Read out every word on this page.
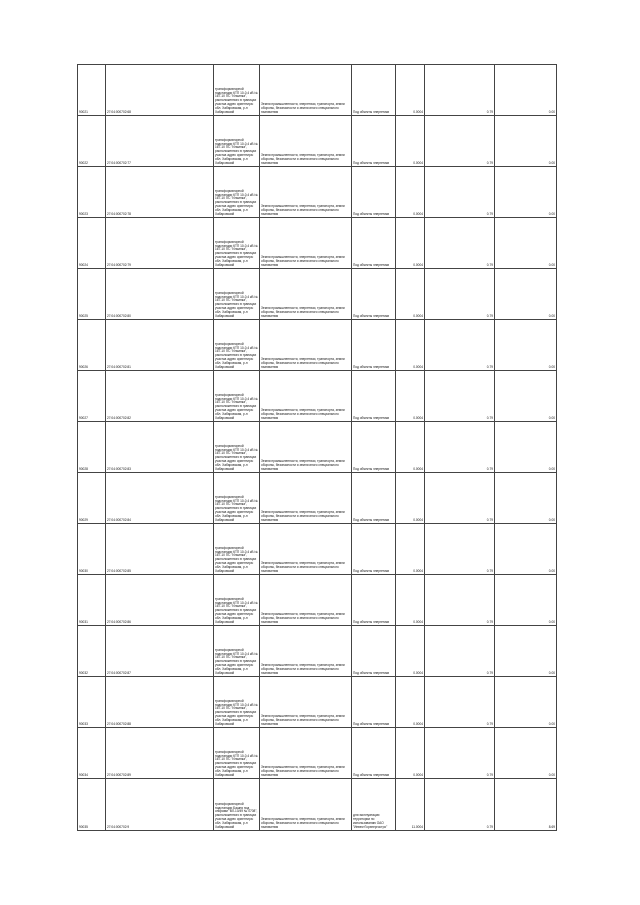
90021	27:04:000702:68	трансформаторной подстанции КТП 10-0,4 кВ № 167-10 ПС "Ильинка", расположенного в границах участка адрес ориентира: обл. Хабаровская, р-н Хабаровский	Земли промышленности, энергетики, транспорта, земли обороны, безопасности и земли иного специального назначения	Под объекты энергетики	0.0004	0.79	0.00
90022	27:04:000702:77	трансформаторной подстанции КТП 10-0,4 кВ № 167-10 ПС "Ильинка", расположенного в границах участка адрес ориентира: обл. Хабаровская, р-н Хабаровский	Земли промышленности, энергетики, транспорта, земли обороны, безопасности и земли иного специального назначения	Под объекты энергетики	0.0004	0.79	0.00
90023	27:04:000702:78	трансформаторной подстанции КТП 10-0,4 кВ № 167-10 ПС "Ильинка", расположенного в границах участка адрес ориентира: обл. Хабаровская, р-н Хабаровский	Земли промышленности, энергетики, транспорта, земли обороны, безопасности и земли иного специального назначения	Под объекты энергетики	0.0004	0.79	0.00
90024	27:04:000702:79	трансформаторной подстанции КТП 10-0,4 кВ № 167-10 ПС "Ильинка", расположенного в границах участка адрес ориентира: обл. Хабаровская, р-н Хабаровский	Земли промышленности, энергетики, транспорта, земли обороны, безопасности и земли иного специального назначения	Под объекты энергетики	0.0004	0.79	0.00
90025	27:04:000702:80	трансформаторной подстанции КТП 10-0,4 кВ № 167-10 ПС "Ильинка", расположенного в границах участка адрес ориентира: обл. Хабаровская, р-н Хабаровский	Земли промышленности, энергетики, транспорта, земли обороны, безопасности и земли иного специального назначения	Под объекты энергетики	0.0004	0.79	0.00
90026	27:04:000702:81	трансформаторной подстанции КТП 10-0,4 кВ № 167-10 ПС "Ильинка", расположенного в границах участка адрес ориентира: обл. Хабаровская, р-н Хабаровский	Земли промышленности, энергетики, транспорта, земли обороны, безопасности и земли иного специального назначения	Под объекты энергетики	0.0004	0.79	0.00
90027	27:04:000702:82	трансформаторной подстанции КТП 10-0,4 кВ № 167-10 ПС "Ильинка", расположенного в границах участка адрес ориентира: обл. Хабаровская, р-н Хабаровский	Земли промышленности, энергетики, транспорта, земли обороны, безопасности и земли иного специального назначения	Под объекты энергетики	0.0004	0.79	0.00
90028	27:04:000702:83	трансформаторной подстанции КТП 10-0,4 кВ № 167-10 ПС "Ильинка", расположенного в границах участка адрес ориентира: обл. Хабаровская, р-н Хабаровский	Земли промышленности, энергетики, транспорта, земли обороны, безопасности и земли иного специального назначения	Под объекты энергетики	0.0004	0.79	0.00
90029	27:04:000702:84	трансформаторной подстанции КТП 10-0,4 кВ № 167-10 ПС "Ильинка", расположенного в границах участка адрес ориентира: обл. Хабаровская, р-н Хабаровский	Земли промышленности, энергетики, транспорта, земли обороны, безопасности и земли иного специального назначения	Под объекты энергетики	0.0004	0.79	0.00
90030	27:04:000702:85	трансформаторной подстанции КТП 10-0,4 кВ № 167-10 ПС "Ильинка", расположенного в границах участка адрес ориентира: обл. Хабаровская, р-н Хабаровский	Земли промышленности, энергетики, транспорта, земли обороны, безопасности и земли иного специального назначения	Под объекты энергетики	0.0004	0.79	0.00
90031	27:04:000702:86	трансформаторной подстанции КТП 10-0,4 кВ № 167-10 ПС "Ильинка", расположенного в границах участка адрес ориентира: обл. Хабаровская, р-н Хабаровский	Земли промышленности, энергетики, транспорта, земли обороны, безопасности и земли иного специального назначения	Под объекты энергетики	0.0004	0.79	0.00
90032	27:04:000702:87	трансформаторной подстанции КТП 10-0,4 кВ № 167-10 ПС "Ильинка", расположенного в границах участка адрес ориентира: обл. Хабаровская, р-н Хабаровский	Земли промышленности, энергетики, транспорта, земли обороны, безопасности и земли иного специального назначения	Под объекты энергетики	0.0004	0.79	0.00
90033	27:04:000702:88	трансформаторной подстанции КТП 10-0,4 кВ № 167-10 ПС "Ильинка", расположенного в границах участка адрес ориентира: обл. Хабаровская, р-н Хабаровский	Земли промышленности, энергетики, транспорта, земли обороны, безопасности и земли иного специального назначения	Под объекты энергетики	0.0004	0.79	0.00
90034	27:04:000702:89	трансформаторной подстанции КТП 10-0,4 кВ № 167-10 ПС "Ильинка", расположенного в границах участка адрес ориентира: обл. Хабаровская, р-н Хабаровский	Земли промышленности, энергетики, транспорта, земли обороны, безопасности и земли иного специального назначения	Под объекты энергетики	0.0004	0.79	0.00
90035	27:04:000702:9	трансформаторной подстанции Башня под опорами "ВЛ-10/49 № 0708", расположенного в границах участка адрес ориентира: обл. Хабаровская, р-н Хабаровский	Земли промышленности, энергетики, транспорта, земли обороны, безопасности и земли иного специального назначения	для эксплуатации территории по использованию ОАО "ИнвестГорэнергостро"	11.0004	0.79	8.69
